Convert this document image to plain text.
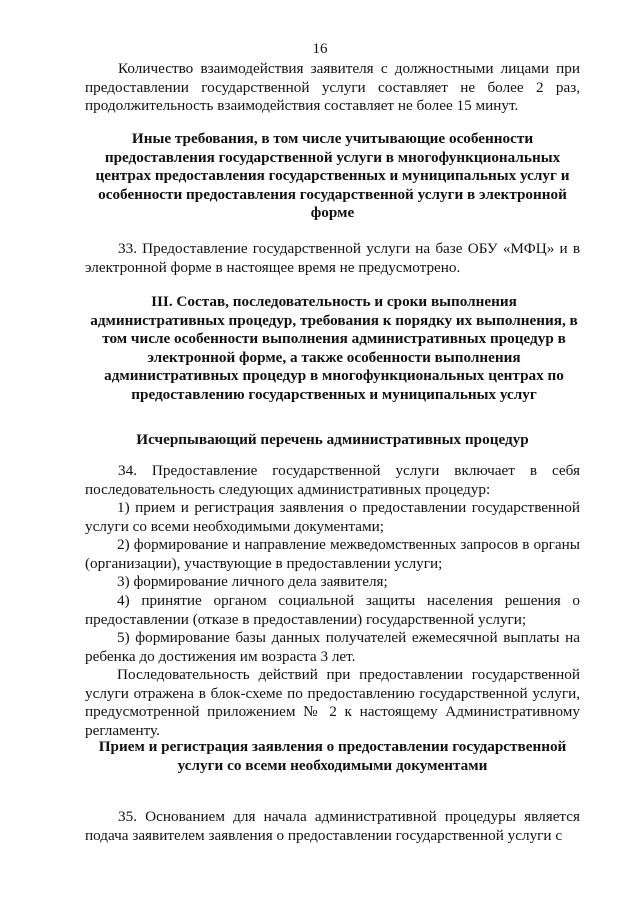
16
Количество взаимодействия заявителя с должностными лицами при предоставлении государственной услуги составляет не более 2 раз, продолжительность взаимодействия составляет не более 15 минут.
Иные требования, в том числе учитывающие особенности предоставления государственной услуги в многофункциональных центрах предоставления государственных и муниципальных услуг и особенности предоставления государственной услуги в электронной форме
33. Предоставление государственной услуги на базе ОБУ «МФЦ» и в электронной форме в настоящее время не предусмотрено.
III. Состав, последовательность и сроки выполнения административных процедур, требования к порядку их выполнения, в том числе особенности выполнения административных процедур в электронной форме, а также особенности выполнения административных процедур в многофункциональных центрах по предоставлению государственных и муниципальных услуг
Исчерпывающий перечень административных процедур
34. Предоставление государственной услуги включает в себя последовательность следующих административных процедур:
1) прием и регистрация заявления о предоставлении государственной услуги со всеми необходимыми документами;
2) формирование и направление межведомственных запросов в органы (организации), участвующие в предоставлении услуги;
3) формирование личного дела заявителя;
4) принятие органом социальной защиты населения решения о предоставлении (отказе в предоставлении) государственной услуги;
5) формирование базы данных получателей ежемесячной выплаты на ребенка до достижения им возраста 3 лет.
Последовательность действий при предоставлении государственной услуги отражена в блок-схеме по предоставлению государственной услуги, предусмотренной приложением № 2 к настоящему Административному регламенту.
Прием и регистрация заявления о предоставлении государственной услуги со всеми необходимыми документами
35. Основанием для начала административной процедуры является подача заявителем заявления о предоставлении государственной услуги с
